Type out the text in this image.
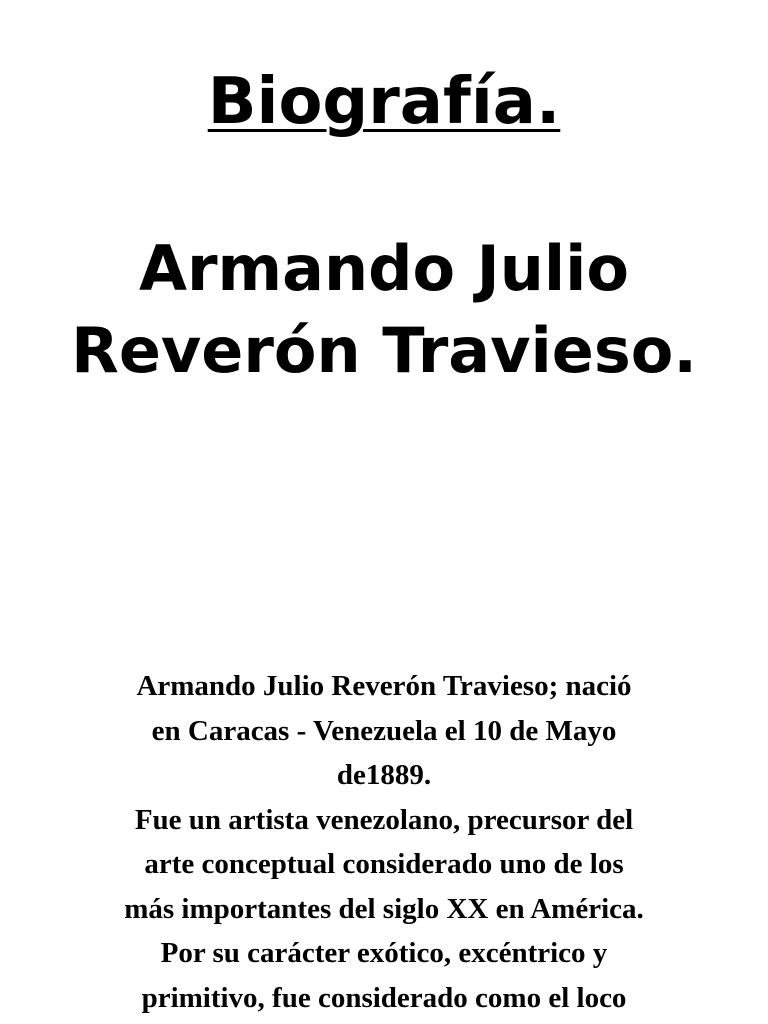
Biografía.
Armando Julio
Reverón Travieso.

Armando Julio Reverón Travieso; nació
en Caracas - Venezuela el 10 de Mayo
de1889.
Fue un artista venezolano, precursor del
arte conceptual considerado uno de los
más importantes del siglo XX en América.
Por su carácter exótico, excéntrico y
primitivo, fue considerado como el loco
